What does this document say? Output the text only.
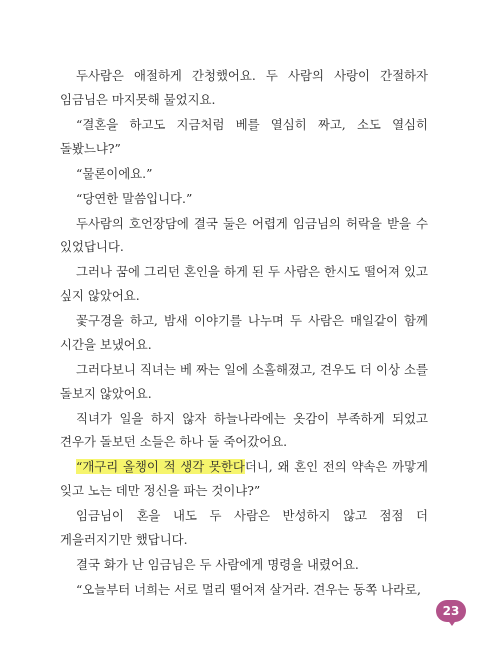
두사람은 애절하게 간청했어요. 두 사람의 사랑이 간절하자 임금님은 마지못해 물었지요.

“결혼을 하고도 지금처럼 베를 열심히 짜고, 소도 열심히 돌봤느냐?”

“물론이에요.”

“당연한 말씀입니다.”

두사람의 호언장담에 결국 둘은 어렵게 임금님의 허락을 받을 수 있었답니다.

그러나 꿈에 그리던 혼인을 하게 된 두 사람은 한시도 떨어져 있고 싶지 않았어요.

꽃구경을 하고, 밤새 이야기를 나누며 두 사람은 매일같이 함께 시간을 보냈어요.

그러다보니 직녀는 베 짜는 일에 소홀해졌고, 견우도 더 이상 소를 돌보지 않았어요.

직녀가 일을 하지 않자 하늘나라에는 옷감이 부족하게 되었고 견우가 돌보던 소들은 하나 둘 죽어갔어요.

“개구리 올챙이 적 생각 못한다더니, 왜 혼인 전의 약속은 까맣게 잊고 노는 데만 정신을 파는 것이냐?”

임금님이 혼을 내도 두 사람은 반성하지 않고 점점 더 게을러지기만 했답니다.

결국 화가 난 임금님은 두 사람에게 명령을 내렸어요.

“오늘부터 너희는 서로 멀리 떨어져 살거라. 견우는 동쪽 나라로,

23
